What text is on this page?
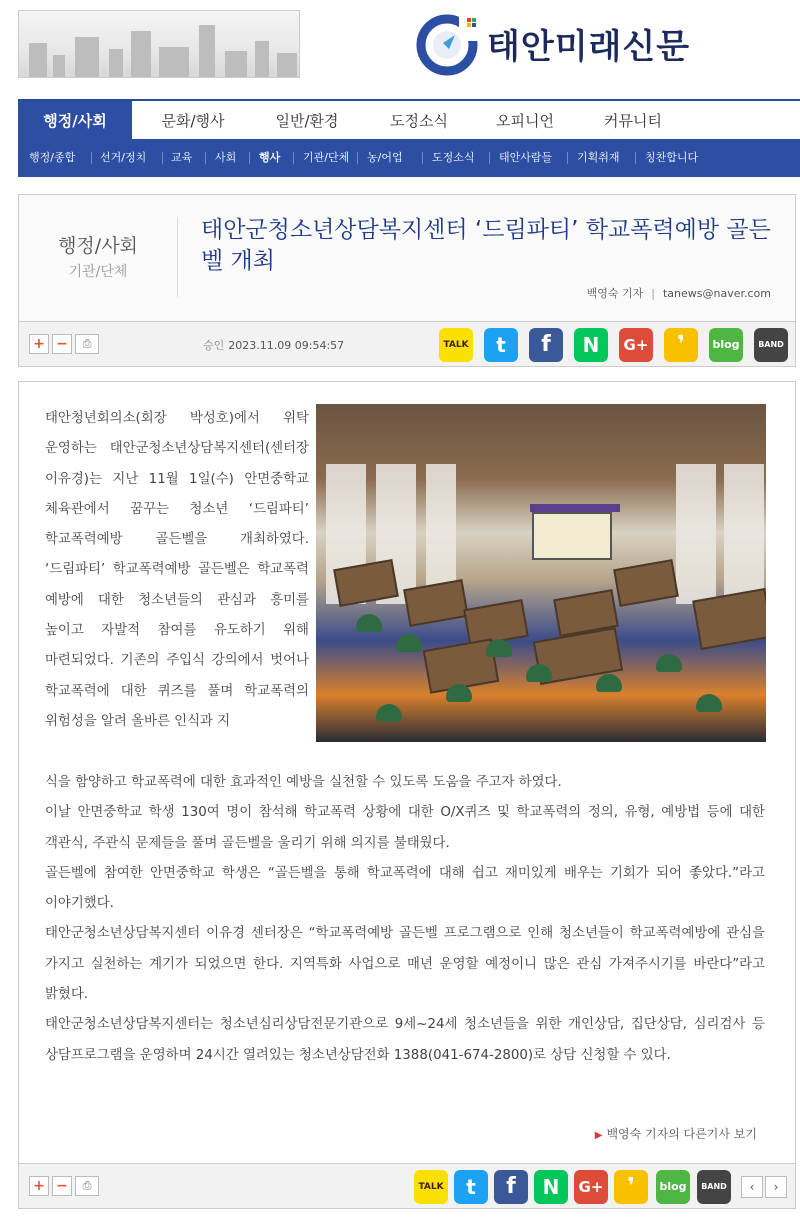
태안미래신문
행정/사회	문화/행사	일반/환경	도정소식	오피니언	커뮤니티
행정/종합 선거/정치 교육 사회 행사 기관/단체 농/어업	도정소식 태안사람들 기획취재 칭찬합니다
행정/사회
기관/단체
태안군청소년상담복지센터 ‘드림파티’ 학교폭력예방 골든벨 개최
백영숙 기자 | tanews@naver.com
+ −	⎙	승인 2023.11.09 09:54:57	TALK	t	f	N	G+	❜	blog	BAND
태안청년회의소(회장 박성호)에서 위탁 운영하는 태안군청소년상담복지센터(센터장 이유경)는 지난 11월 1일(수) 안면중학교 체육관에서 꿈꾸는 청소년 ‘드림파티’ 학교폭력예방 골든벨을 개최하였다. ‘드림파티’ 학교폭력예방 골든벨은 학교폭력 예방에 대한 청소년들의 관심과 흥미를 높이고 자발적 참여를 유도하기 위해 마련되었다. 기존의 주입식 강의에서 벗어나 학교폭력에 대한 퀴즈를 풀며 학교폭력의 위험성을 알려 올바른 인식과 지
식을 함양하고 학교폭력에 대한 효과적인 예방을 실천할 수 있도록 도움을 주고자 하였다.
이날 안면중학교 학생 130여 명이 참석해 학교폭력 상황에 대한 O/X퀴즈 및 학교폭력의 정의, 유형, 예방법 등에 대한 객관식, 주관식 문제들을 풀며 골든벨을 울리기 위해 의지를 불태웠다.
골든벨에 참여한 안면중학교 학생은 “골든벨을 통해 학교폭력에 대해 쉽고 재미있게 배우는 기회가 되어 좋았다.”라고 이야기했다.
태안군청소년상담복지센터 이유경 센터장은 “학교폭력예방 골든벨 프로그램으로 인해 청소년들이 학교폭력예방에 관심을 가지고 실천하는 계기가 되었으면 한다. 지역특화 사업으로 매년 운영할 예정이니 많은 관심 가져주시기를 바란다”라고 밝혔다.
태안군청소년상담복지센터는 청소년심리상담전문기관으로 9세~24세 청소년들을 위한 개인상담, 집단상담, 심리검사 등 상담프로그램을 운영하며 24시간 열려있는 청소년상담전화 1388(041-674-2800)로 상담 신청할 수 있다.
▶ 백영숙 기자의 다른기사 보기
+ −	⎙	TALK	t	f	N	G+	❜	blog	BAND	‹	›
